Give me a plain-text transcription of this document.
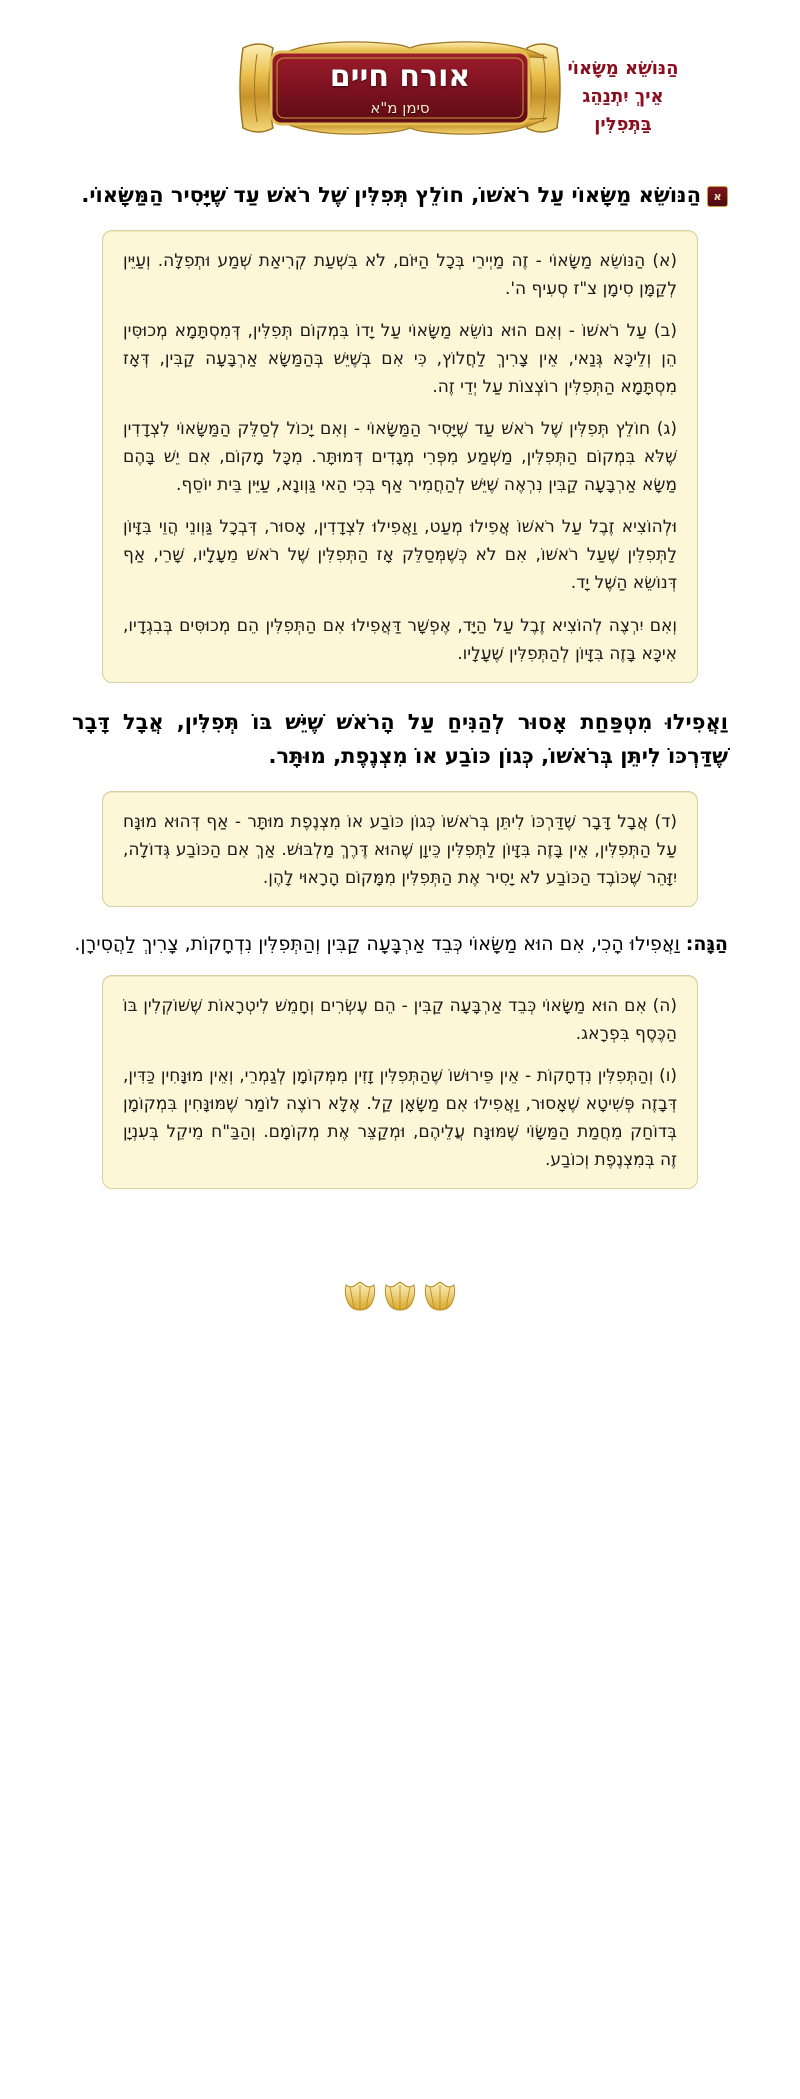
הַנּוֹשֵׂא מַשָּׂאוֹי
אֵיךְ יִתְנַהֵג
בַּתְּפִלִּין
אורח חיים
סימן מ"א

אהַנּוֹשֵׂא מַשָּׂאוֹי עַל רֹאשׁוֹ, חוֹלֵץ תְּפִלִּין שֶׁל רֹאשׁ עַד שֶׁיָּסִיר הַמַּשָּׂאוֹי.

(א) הַנּוֹשֵׂא מַשָּׂאוֹי - זֶה מַיְירֵי בְּכָל הַיּוֹם, לֹא בִּשְׁעַת קְרִיאַת שְׁמַע וּתְפִלָּה. וְעַיֵּין לְקַמָּן סִימָן צ"ז סְעִיף ה'.

(ב) עַל רֹאשׁוֹ - וְאִם הוּא נוֹשֵׂא מַשָּׂאוֹי עַל יָדוֹ בִּמְקוֹם תְּפִלִּין, דְּמִסְתָּמָא מְכוּסִּין הֵן וְלֵיכָּא גְּנַאי, אֵין צָרִיךְ לַחֲלוֹץ, כִּי אִם בְּשֶׁיֵּשׁ בְּהַמַּשָּׂא אַרְבָּעָה קַבִּין, דְּאָז מִסְתָּמָא הַתְּפִלִּין רוֹצְצוֹת עַל יְדֵי זֶה.

(ג) חוֹלֵץ תְּפִלִּין שֶׁל רֹאשׁ עַד שֶׁיָּסִיר הַמַּשָּׂאוֹי - וְאִם יָכוֹל לְסַלֵּק הַמַּשָּׂאוֹי לִצְדָדִין שֶׁלֹּא בִּמְקוֹם הַתְּפִלִּין, מַשְׁמַע מִפְּרִי מְגָדִים דְּמוּתָּר. מִכָּל מָקוֹם, אִם יֵשׁ בָּהֶם מַשָּׂא אַרְבָּעָה קַבִּין נִרְאֶה שֶׁיֵּשׁ לְהַחֲמִיר אַף בְּכִי הַאי גַּוְונָא, עַיֵּין בֵּית יוֹסֵף.

וּלְהוֹצִיא זֶבֶל עַל רֹאשׁוֹ אֲפִילוּ מְעַט, וַאֲפִילוּ לִצְדָדִין, אָסוּר, דְּבְכָל גַּוְונֵי הֲוֵי בִּזָּיוֹן לַתְּפִלִּין שֶׁעַל רֹאשׁוֹ, אִם לֹא כְּשֶׁמְּסַלֵּק אָז הַתְּפִלִּין שֶׁל רֹאשׁ מֵעָלָיו, שָׁרֵי, אַף דְּנוֹשֵׂא הַשֶּׁל יָד.

וְאִם יִרְצֶה לְהוֹצִיא זֶבֶל עַל הַיָּד, אֶפְשָׁר דַּאֲפִילוּ אִם הַתְּפִלִּין הֵם מְכוּסִּים בְּבִגְדָיו, אִיכָּא בָּזֶה בִּזָּיוֹן לְהַתְּפִלִּין שֶׁעָלָיו.

וַאֲפִילוּ מִטְפַּחַת אָסוּר לְהַנִּיחַ עַל הָרֹאשׁ שֶׁיֵּשׁ בּוֹ תְּפִלִּין, אֲבָל דָּבָר שֶׁדַּרְכּוֹ לִיתֵּן בְּרֹאשׁוֹ, כְּגוֹן כּוֹבַע אוֹ מִצְנֶפֶת, מוּתָּר.

(ד) אֲבָל דָּבָר שֶׁדַּרְכּוֹ לִיתֵּן בְּרֹאשׁוֹ כְּגוֹן כּוֹבַע אוֹ מִצְנֶפֶת מוּתָּר - אַף דְּהוּא מוּנָּח עַל הַתְּפִלִּין, אֵין בָּזֶה בִּזָּיוֹן לַתְּפִלִּין כֵּיוָן שֶׁהוּא דֶּרֶךְ מַלְבּוּשׁ. אַךְ אִם הַכּוֹבַע גְּדוֹלָה, יִזָּהֵר שֶׁכּוֹבֶד הַכּוֹבַע לֹא יָסִיר אֶת הַתְּפִלִּין מִמָּקוֹם הָרָאוּי לָהֶן.

הַגָּה: וַאֲפִילוּ הָכִי, אִם הוּא מַשָּׂאוֹי כְּבֵד אַרְבָּעָה קַבִּין וְהַתְּפִלִּין נִדְחָקוֹת, צָרִיךְ לַהֲסִירָן.

(ה) אִם הוּא מַשָּׂאוֹי כְּבֵד אַרְבָּעָה קַבִּין - הֵם עֶשְׂרִים וְחָמֵשׁ לִיטְרָאוֹת שֶׁשּׁוֹקְלִין בּוֹ הַכֶּסֶף בִּפְרָאג.

(ו) וְהַתְּפִלִּין נִדְחָקוֹת - אֵין פֵּירוּשׁוֹ שֶׁהַתְּפִלִּין זָזִין מִמְּקוֹמָן לְגַמְרֵי, וְאֵין מוּנָּחִין כַּדִּין, דְּבָזֶה פְּשִׁיטָא שֶׁאָסוּר, וַאֲפִילוּ אִם מַשָּׂאָן קַל. אֶלָּא רוֹצֶה לוֹמַר שֶׁמּוּנָּחִין בִּמְקוֹמָן בְּדוֹחַק מֵחֲמַת הַמַּשָּׂוֹי שֶׁמּוּנָּח עֲלֵיהֶם, וּמְקַצֵּר אֶת מְקוֹמָם. וְהַבַּ"ח מֵיקֵל בְּעִנְיָן זֶה בְּמִצְנֶפֶת וְכוֹבַע.
